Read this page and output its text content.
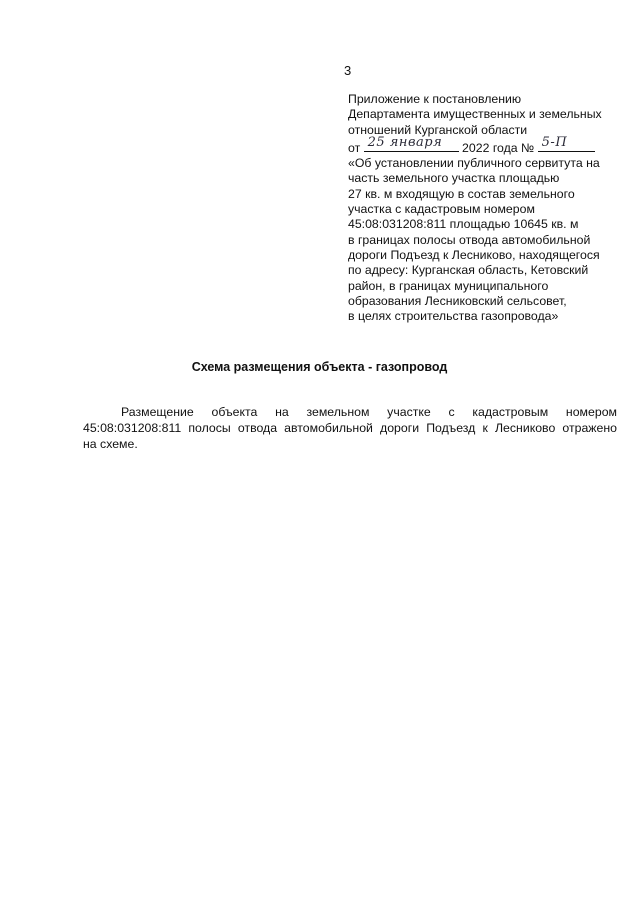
3
Приложение к постановлению
Департамента имущественных и земельных
отношений Курганской области
от 25 января 2022 года № 5-П
«Об установлении публичного сервитута на
часть земельного участка площадью
27 кв. м входящую в состав земельного
участка с кадастровым номером
45:08:031208:811 площадью 10645 кв. м
в границах полосы отвода автомобильной
дороги Подъезд к Лесниково, находящегося
по адресу: Курганская область, Кетовский
район, в границах муниципального
образования Лесниковский сельсовет,
в целях строительства газопровода»
Схема размещения объекта - газопровод
Размещение объекта на земельном участке с кадастровым номером
45:08:031208:811 полосы отвода автомобильной дороги Подъезд к Лесниково отражено
на схеме.
